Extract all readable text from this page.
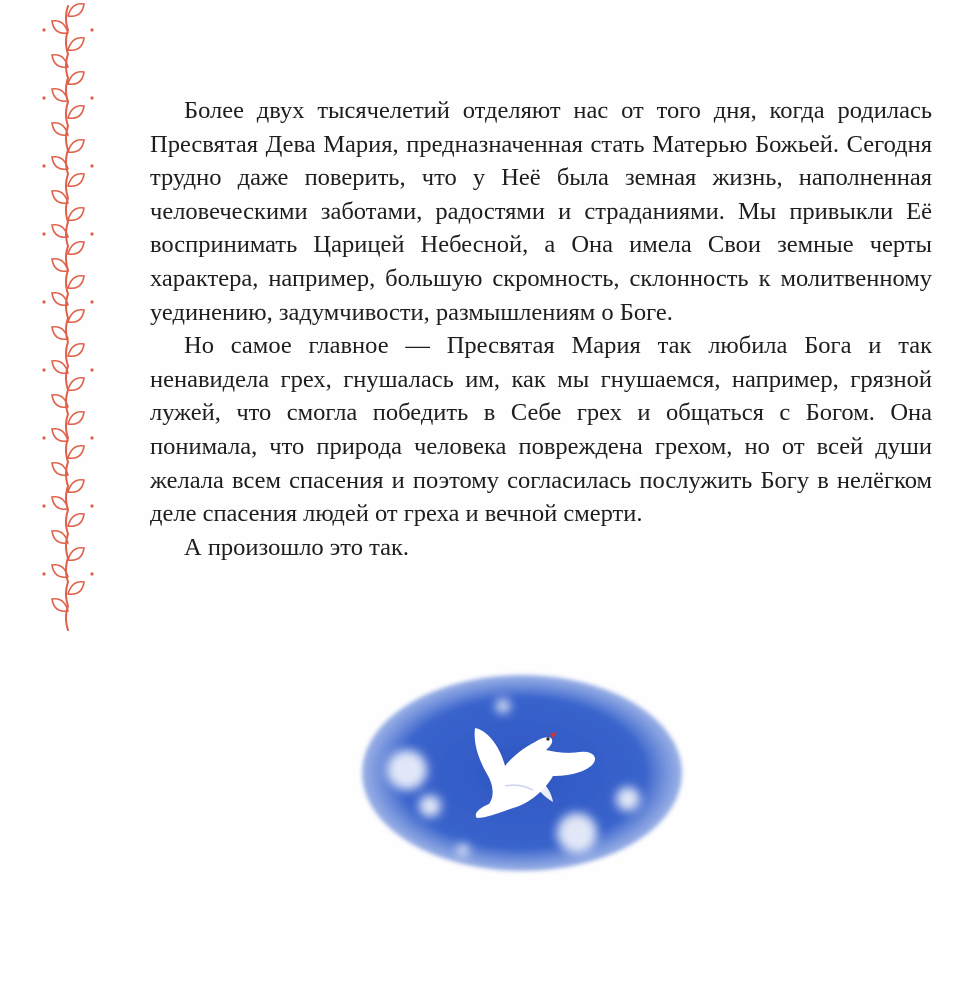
Более двух тысячелетий отделяют нас от того дня, когда родилась Пресвятая Дева Мария, предназначенная стать Матерью Божьей. Сегодня трудно даже поверить, что у Неё была земная жизнь, наполненная человеческими заботами, радостями и страданиями. Мы привыкли Её воспринимать Царицей Небесной, а Она имела Свои земные черты характера, например, большую скромность, склонность к молитвенному уединению, задумчивости, размышлениям о Боге.

Но самое главное — Пресвятая Мария так любила Бога и так ненавидела грех, гнушалась им, как мы гнушаемся, например, грязной лужей, что смогла победить в Себе грех и общаться с Богом. Она понимала, что природа человека повреждена грехом, но от всей души желала всем спасения и поэтому согласилась послужить Богу в нелёгком деле спасения людей от греха и вечной смерти.

А произошло это так.
